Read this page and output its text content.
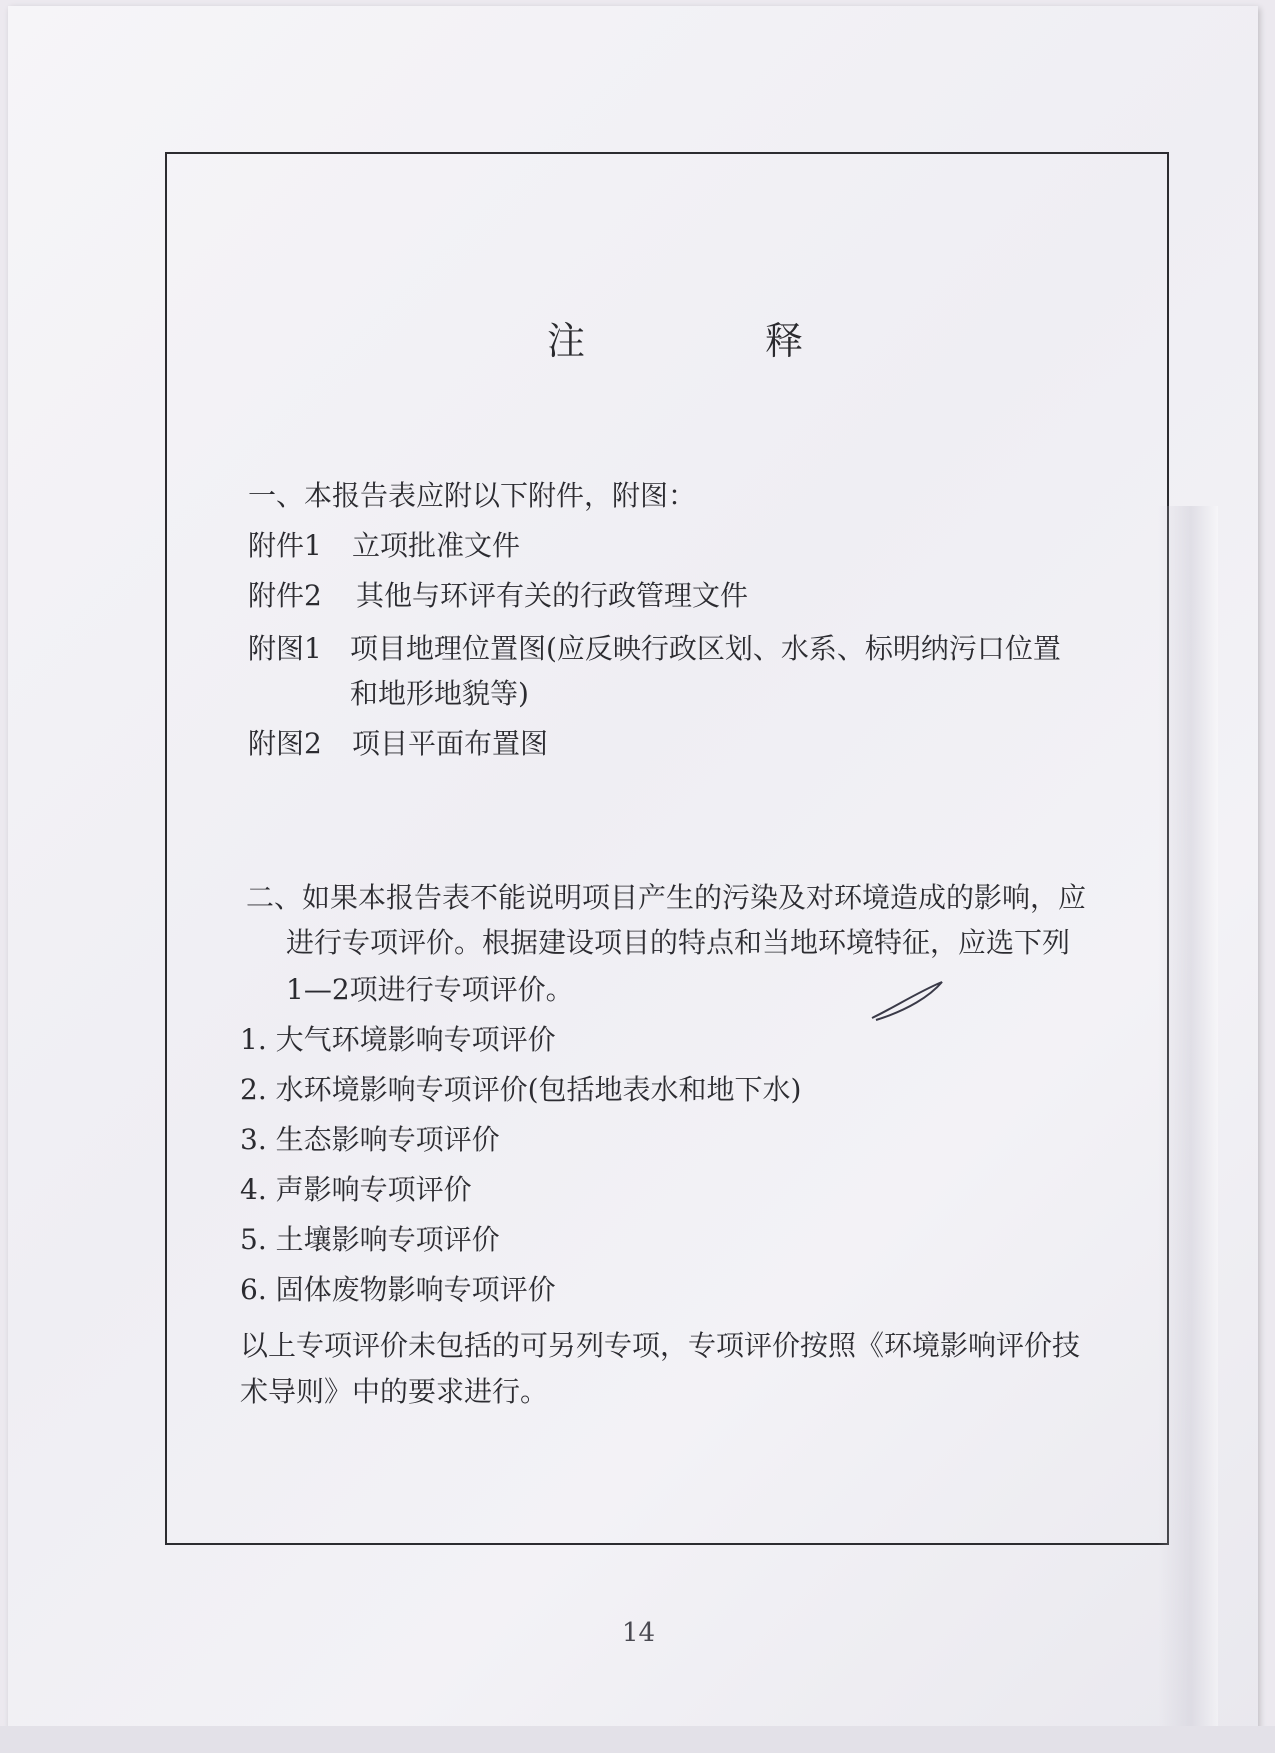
注	释
一、本报告表应附以下附件，附图：
附件1 立项批准文件
附件2 其他与环评有关的行政管理文件
附图1 项目地理位置图(应反映行政区划、水系、标明纳污口位置
和地形地貌等)
附图2 项目平面布置图
二、如果本报告表不能说明项目产生的污染及对环境造成的影响，应
进行专项评价。根据建设项目的特点和当地环境特征，应选下列
1—2项进行专项评价。
1. 大气环境影响专项评价
2. 水环境影响专项评价(包括地表水和地下水)
3. 生态影响专项评价
4. 声影响专项评价
5. 土壤影响专项评价
6. 固体废物影响专项评价
以上专项评价未包括的可另列专项，专项评价按照《环境影响评价技
术导则》中的要求进行。
14
